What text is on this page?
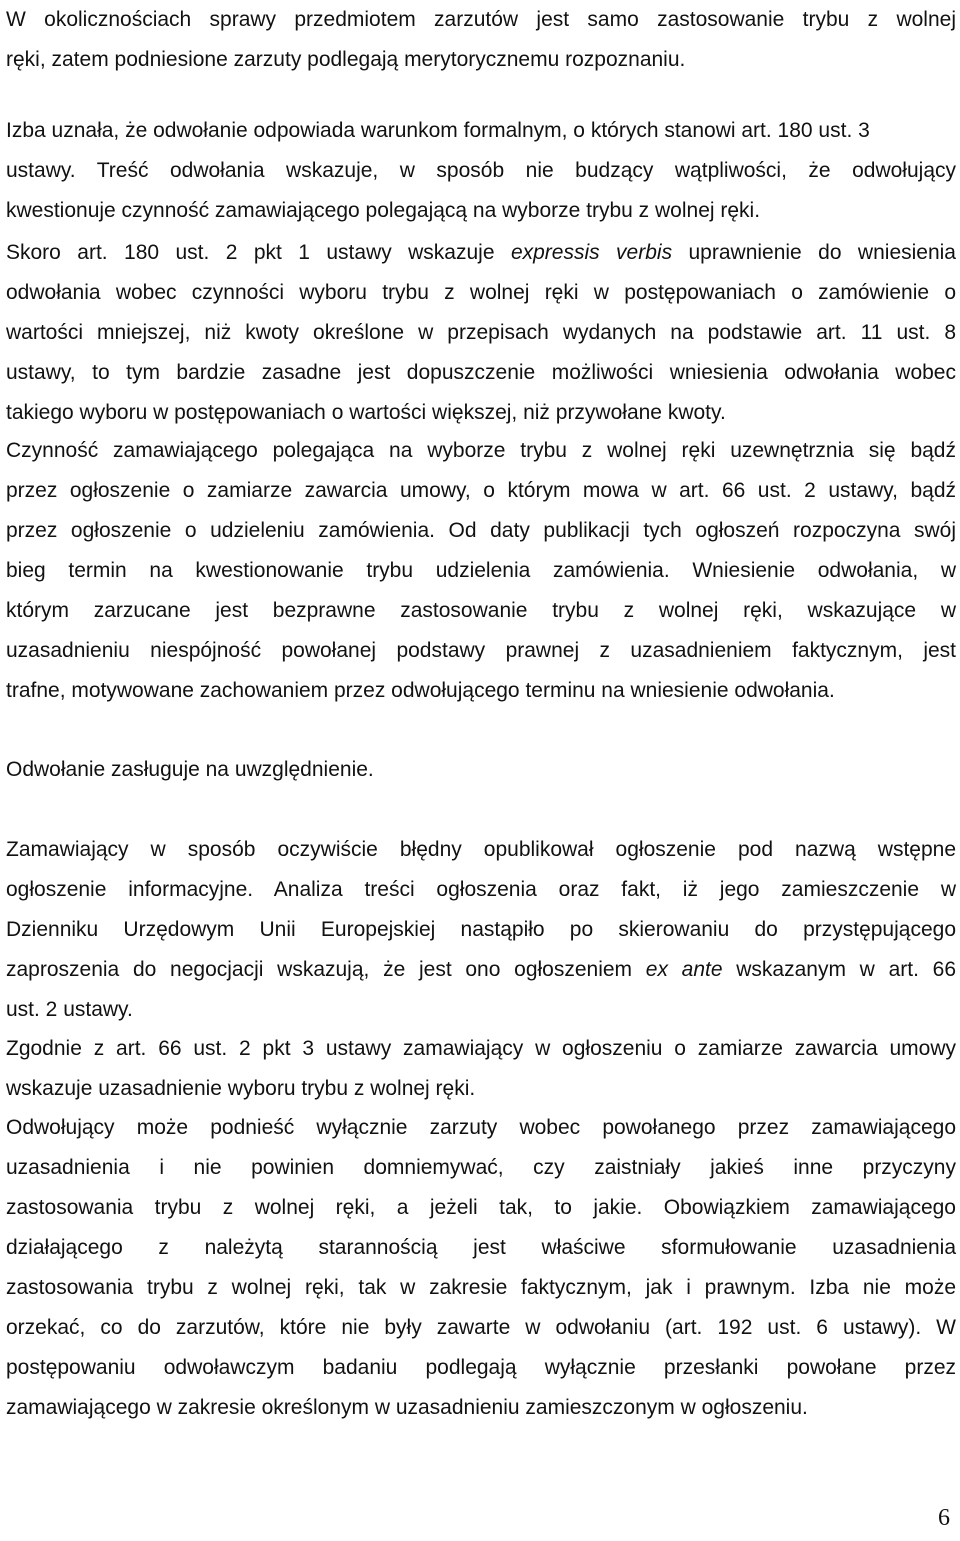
W okolicznościach sprawy przedmiotem zarzutów jest samo zastosowanie trybu z wolnej
ręki, zatem podniesione zarzuty podlegają merytorycznemu rozpoznaniu.

Izba uznała, że odwołanie odpowiada warunkom formalnym, o których stanowi art. 180 ust. 3
ustawy. Treść odwołania wskazuje, w sposób nie budzący wątpliwości, że odwołujący
kwestionuje czynność zamawiającego polegającą na wyborze trybu z wolnej ręki.

Skoro art. 180 ust. 2 pkt 1 ustawy wskazuje expressis verbis uprawnienie do wniesienia
odwołania wobec czynności wyboru trybu z wolnej ręki w postępowaniach o zamówienie o
wartości mniejszej, niż kwoty określone w przepisach wydanych na podstawie art. 11 ust. 8
ustawy, to tym bardzie zasadne jest dopuszczenie możliwości wniesienia odwołania wobec
takiego wyboru w postępowaniach o wartości większej, niż przywołane kwoty.

Czynność zamawiającego polegająca na wyborze trybu z wolnej ręki uzewnętrznia się bądź
przez ogłoszenie o zamiarze zawarcia umowy, o którym mowa w art. 66 ust. 2 ustawy, bądź
przez ogłoszenie o udzieleniu zamówienia. Od daty publikacji tych ogłoszeń rozpoczyna swój
bieg termin na kwestionowanie trybu udzielenia zamówienia. Wniesienie odwołania, w
którym zarzucane jest bezprawne zastosowanie trybu z wolnej ręki, wskazujące w
uzasadnieniu niespójność powołanej podstawy prawnej z uzasadnieniem faktycznym, jest
trafne, motywowane zachowaniem przez odwołującego terminu na wniesienie odwołania.

Odwołanie zasługuje na uwzględnienie.

Zamawiający w sposób oczywiście błędny opublikował ogłoszenie pod nazwą wstępne
ogłoszenie informacyjne. Analiza treści ogłoszenia oraz fakt, iż jego zamieszczenie w
Dzienniku Urzędowym Unii Europejskiej nastąpiło po skierowaniu do przystępującego
zaproszenia do negocjacji wskazują, że jest ono ogłoszeniem ex ante wskazanym w art. 66
ust. 2 ustawy.

Zgodnie z art. 66 ust. 2 pkt 3 ustawy zamawiający w ogłoszeniu o zamiarze zawarcia umowy
wskazuje uzasadnienie wyboru trybu z wolnej ręki.

Odwołujący może podnieść wyłącznie zarzuty wobec powołanego przez zamawiającego
uzasadnienia i nie powinien domniemywać, czy zaistniały jakieś inne przyczyny
zastosowania trybu z wolnej ręki, a jeżeli tak, to jakie. Obowiązkiem zamawiającego
działającego z należytą starannością jest właściwe sformułowanie uzasadnienia
zastosowania trybu z wolnej ręki, tak w zakresie faktycznym, jak i prawnym. Izba nie może
orzekać, co do zarzutów, które nie były zawarte w odwołaniu (art. 192 ust. 6 ustawy). W
postępowaniu odwoławczym badaniu podlegają wyłącznie przesłanki powołane przez
zamawiającego w zakresie określonym w uzasadnieniu zamieszczonym w ogłoszeniu.

6
